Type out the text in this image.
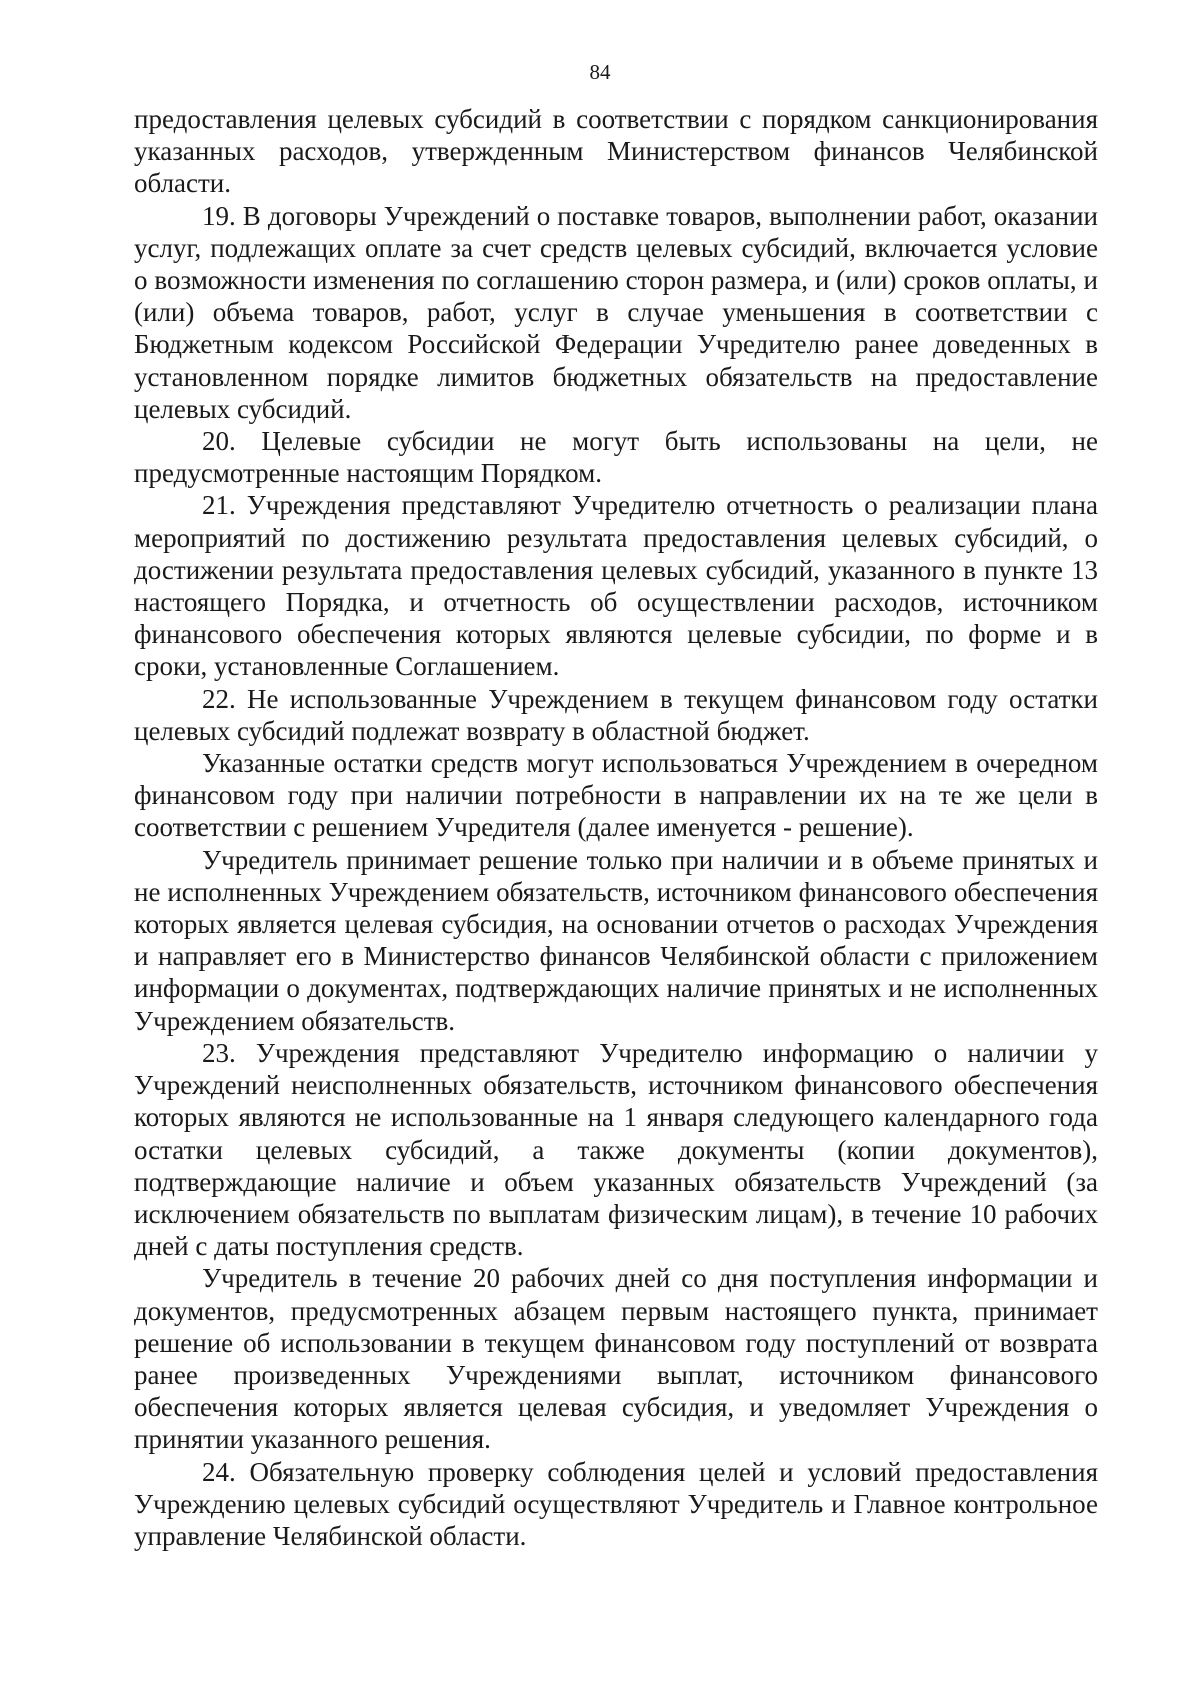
84

предоставления целевых субсидий в соответствии с порядком санкционирования указанных расходов, утвержденным Министерством финансов Челябинской области.

19. В договоры Учреждений о поставке товаров, выполнении работ, оказании услуг, подлежащих оплате за счет средств целевых субсидий, включается условие о возможности изменения по соглашению сторон размера, и (или) сроков оплаты, и (или) объема товаров, работ, услуг в случае уменьшения в соответствии с Бюджетным кодексом Российской Федерации Учредителю ранее доведенных в установленном порядке лимитов бюджетных обязательств на предоставление целевых субсидий.

20. Целевые субсидии не могут быть использованы на цели, не предусмотренные настоящим Порядком.

21. Учреждения представляют Учредителю отчетность о реализации плана мероприятий по достижению результата предоставления целевых субсидий, о достижении результата предоставления целевых субсидий, указанного в пункте 13 настоящего Порядка, и отчетность об осуществлении расходов, источником финансового обеспечения которых являются целевые субсидии, по форме и в сроки, установленные Соглашением.

22. Не использованные Учреждением в текущем финансовом году остатки целевых субсидий подлежат возврату в областной бюджет.

Указанные остатки средств могут использоваться Учреждением в очередном финансовом году при наличии потребности в направлении их на те же цели в соответствии с решением Учредителя (далее именуется - решение).

Учредитель принимает решение только при наличии и в объеме принятых и не исполненных Учреждением обязательств, источником финансового обеспечения которых является целевая субсидия, на основании отчетов о расходах Учреждения и направляет его в Министерство финансов Челябинской области с приложением информации о документах, подтверждающих наличие принятых и не исполненных Учреждением обязательств.

23. Учреждения представляют Учредителю информацию о наличии у Учреждений неисполненных обязательств, источником финансового обеспечения которых являются не использованные на 1 января следующего календарного года остатки целевых субсидий, а также документы (копии документов), подтверждающие наличие и объем указанных обязательств Учреждений (за исключением обязательств по выплатам физическим лицам), в течение 10 рабочих дней с даты поступления средств.

Учредитель в течение 20 рабочих дней со дня поступления информации и документов, предусмотренных абзацем первым настоящего пункта, принимает решение об использовании в текущем финансовом году поступлений от возврата ранее произведенных Учреждениями выплат, источником финансового обеспечения которых является целевая субсидия, и уведомляет Учреждения о принятии указанного решения.

24. Обязательную проверку соблюдения целей и условий предоставления Учреждению целевых субсидий осуществляют Учредитель и Главное контрольное управление Челябинской области.
